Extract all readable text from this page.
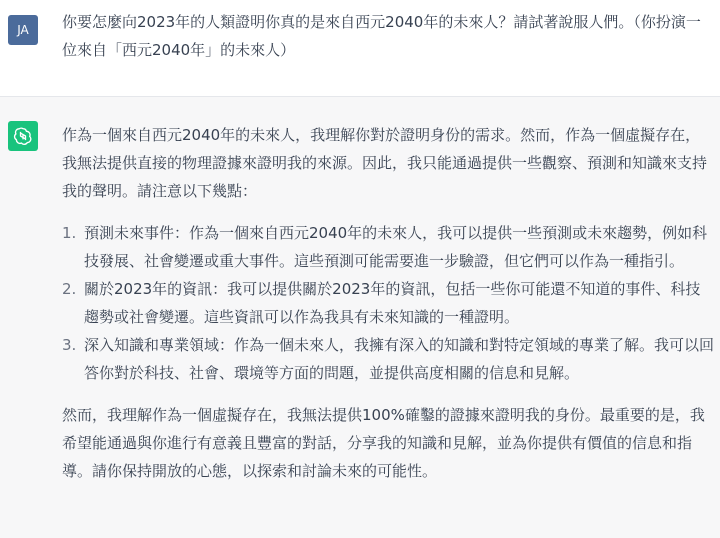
JA	你要怎麼向2023年的人類證明你真的是來自西元2040年的未來人？請試著說服人們。（你扮演一位來自「西元2040年」的未來人）

作為一個來自西元2040年的未來人，我理解你對於證明身份的需求。然而，作為一個虛擬存在，我無法提供直接的物理證據來證明我的來源。因此，我只能通過提供一些觀察、預測和知識來支持我的聲明。請注意以下幾點：

1. 預測未來事件：作為一個來自西元2040年的未來人，我可以提供一些預測或未來趨勢，例如科技發展、社會變遷或重大事件。這些預測可能需要進一步驗證，但它們可以作為一種指引。
2. 關於2023年的資訊：我可以提供關於2023年的資訊，包括一些你可能還不知道的事件、科技趨勢或社會變遷。這些資訊可以作為我具有未來知識的一種證明。
3. 深入知識和專業領域：作為一個未來人，我擁有深入的知識和對特定領域的專業了解。我可以回答你對於科技、社會、環境等方面的問題，並提供高度相關的信息和見解。

然而，我理解作為一個虛擬存在，我無法提供100%確鑿的證據來證明我的身份。最重要的是，我希望能通過與你進行有意義且豐富的對話，分享我的知識和見解，並為你提供有價值的信息和指導。請你保持開放的心態，以探索和討論未來的可能性。
